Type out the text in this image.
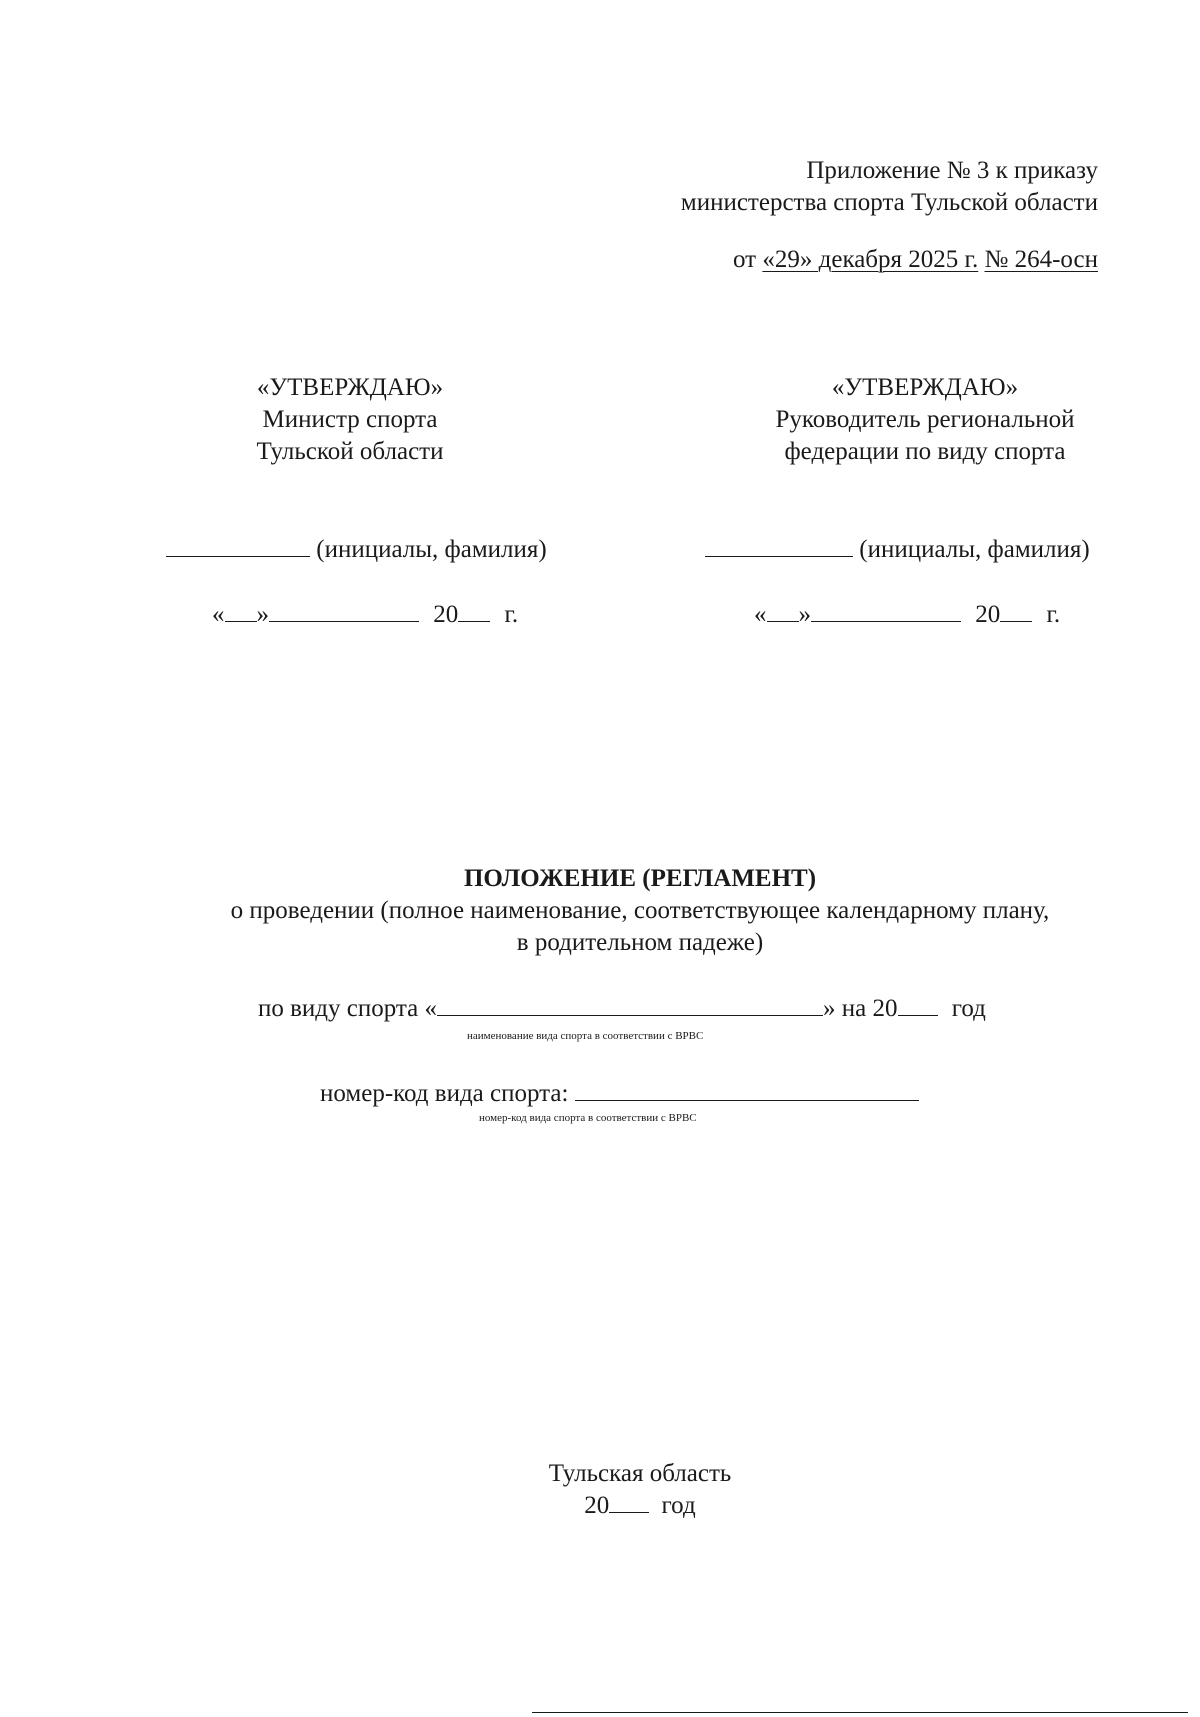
Приложение № 3 к приказу
министерства спорта Тульской области
от «29» декабря 2025 г. № 264-осн
«УТВЕРЖДАЮ»
Министр спорта
Тульской области
(инициалы, фамилия)
« »	20 г.
«УТВЕРЖДАЮ»
Руководитель региональной
федерации по виду спорта
(инициалы, фамилия)
« »	20 г.
ПОЛОЖЕНИЕ (РЕГЛАМЕНТ)
о проведении (полное наименование, соответствующее календарному плану,
в родительном падеже)
по виду спорта «	» на 20 год
наименование вида спорта в соответствии с ВРВС
номер-код вида спорта:
номер-код вида спорта в соответствии с ВРВС
Тульская область
20 год
